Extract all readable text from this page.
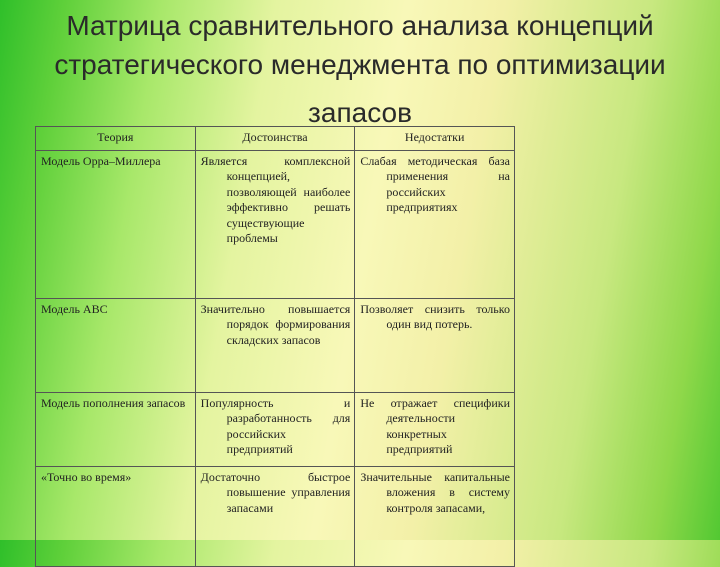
Матрица сравнительного анализа концепций
стратегического менеджмента по оптимизации
запасов
Теория	Достоинства	Недостатки

Модель Орра–Миллера	Является комплексной концепцией, позволяющей наиболее эффективно решать существующие проблемы	Слабая методическая база применения на российских предприятиях

Модель АВС	Значительно повышается порядок формирования складских запасов	Позволяет снизить только один вид потерь.

Модель пополнения запасов	Популярность и разработанность для российских предприятий	Не отражает специфики деятельности конкретных предприятий

«Точно во время»	Достаточно быстрое повышение управления запасами	Значительные капитальные вложения в систему контроля запасами,
